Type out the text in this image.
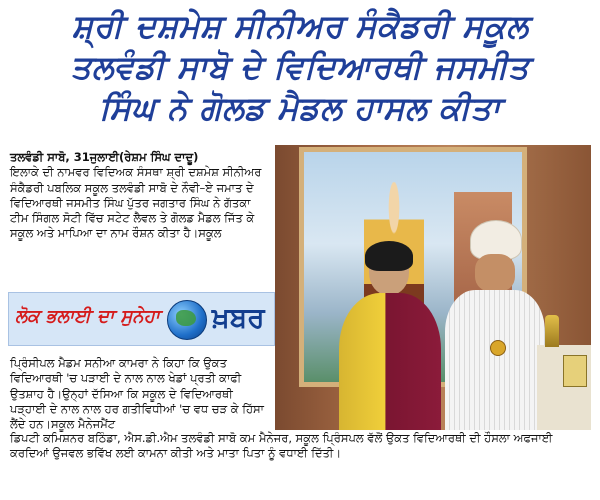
ਸ਼੍ਰੀ ਦਸ਼ਮੇਸ਼ ਸੀਨੀਅਰ ਸੰਕੈਡਰੀ ਸਕੂਲ
ਤਲਵੰਡੀ ਸਾਬੋ ਦੇ ਵਿਦਿਆਰਥੀ ਜਸਮੀਤ
ਸਿੰਘ ਨੇ ਗੋਲਡ ਮੈਡਲ ਹਾਸਲ ਕੀਤਾ
ਤਲਵੰਡੀ ਸਾਬੋ, 31ਜੁਲਾਈ(ਰੇਸ਼ਮ ਸਿੰਘ ਦਾਦੂ)
ਇਲਾਕੇ ਦੀ ਨਾਮਵਰ ਵਿਦਿਅਕ ਸੰਸਥਾ ਸ਼੍ਰੀ ਦਸ਼ਮੇਸ਼ ਸੀਨੀਅਰ ਸੰਕੈਡਰੀ ਪਬਲਿਕ ਸਕੂਲ ਤਲਵੰਡੀ ਸਾਬੋ ਦੇ ਨੌਵੀ–ਏ ਜਮਾਤ ਦੇ ਵਿਦਿਆਰਥੀ ਜਸਮੀਤ ਸਿੰਘ ਪੁੱਤਰ ਜਗਤਾਰ ਸਿੰਘ ਨੇ ਗੱਤਕਾ ਟੀਮ ਸਿੰਗਲ ਸੋਟੀ ਵਿੱਚ ਸਟੇਟ ਲੈਵਲ ਤੇ ਗੋਲਡ ਮੈਡਲ ਜਿੱਤ ਕੇ ਸਕੂਲ ਅਤੇ ਮਾਪਿਆ ਦਾ ਨਾਮ ਰੌਸ਼ਨ ਕੀਤਾ ਹੈ।ਸਕੂਲ
ਲੋਕ ਭਲਾਈ ਦਾ ਸੁਨੇਹਾ ਖ਼ਬਰ
ਪ੍ਰਿੰਸੀਪਲ ਮੈਡਮ ਸਨੀਆ ਕਾਮਰਾ ਨੇ ਕਿਹਾ ਕਿ ਉਕਤ ਵਿਦਿਆਰਥੀ 'ਚ ਪੜਾਈ ਦੇ ਨਾਲ ਨਾਲ ਖੇਡਾਂ ਪ੍ਰਤੀ ਕਾਫੀ ਉਤਸ਼ਾਹ ਹੈ।ਉਨ੍ਹਾਂ ਦੱਸਿਆ ਕਿ ਸਕੂਲ ਦੇ ਵਿਦਿਆਰਥੀ ਪੜ੍ਹਾਈ ਦੇ ਨਾਲ ਨਾਲ ਹਰ ਗਤੀਵਿਧੀਆਂ 'ਚ ਵਧ ਚੜ ਕੇ ਹਿੱਸਾ ਲੈਂਦੇ ਹਨ।ਸਕੂਲ ਮੈਨੇਜਮੈਂਟ
ਡਿਪਟੀ ਕਮਿਸ਼ਨਰ ਬਠਿੰਡਾ, ਐਸ.ਡੀ.ਐਮ ਤਲਵੰਡੀ ਸਾਬੋ ਕਮ ਮੈਨੇਜਰ, ਸਕੂਲ ਪ੍ਰਿੰਸਪਲ ਵੱਲੋਂ ਉਕਤ ਵਿਦਿਆਰਥੀ ਦੀ ਹੌਸਲਾ ਅਫਜਾਈ ਕਰਦਿਆਂ ਉਜਵਲ ਭਵਿੱਖ ਲਈ ਕਾਮਨਾ ਕੀਤੀ ਅਤੇ ਮਾਤਾ ਪਿਤਾ ਨੂੰ ਵਧਾਈ ਦਿੱਤੀ।
